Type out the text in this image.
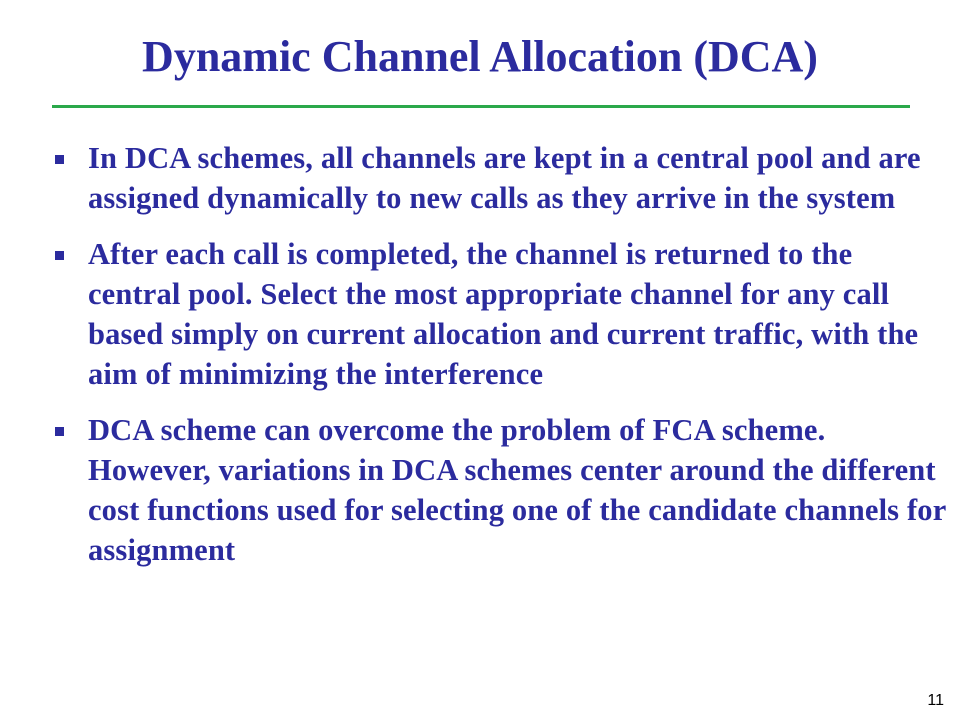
Dynamic Channel Allocation (DCA)
In DCA schemes, all channels are kept in a central pool and are assigned dynamically to new calls as they arrive in the system
After each call is completed, the channel is returned to the central pool. Select the most appropriate channel for any call based simply on current allocation and current traffic, with the aim of minimizing the interference
DCA scheme can overcome the problem of FCA scheme. However, variations in DCA schemes center around the different cost functions used for selecting one of the candidate channels for assignment
11
